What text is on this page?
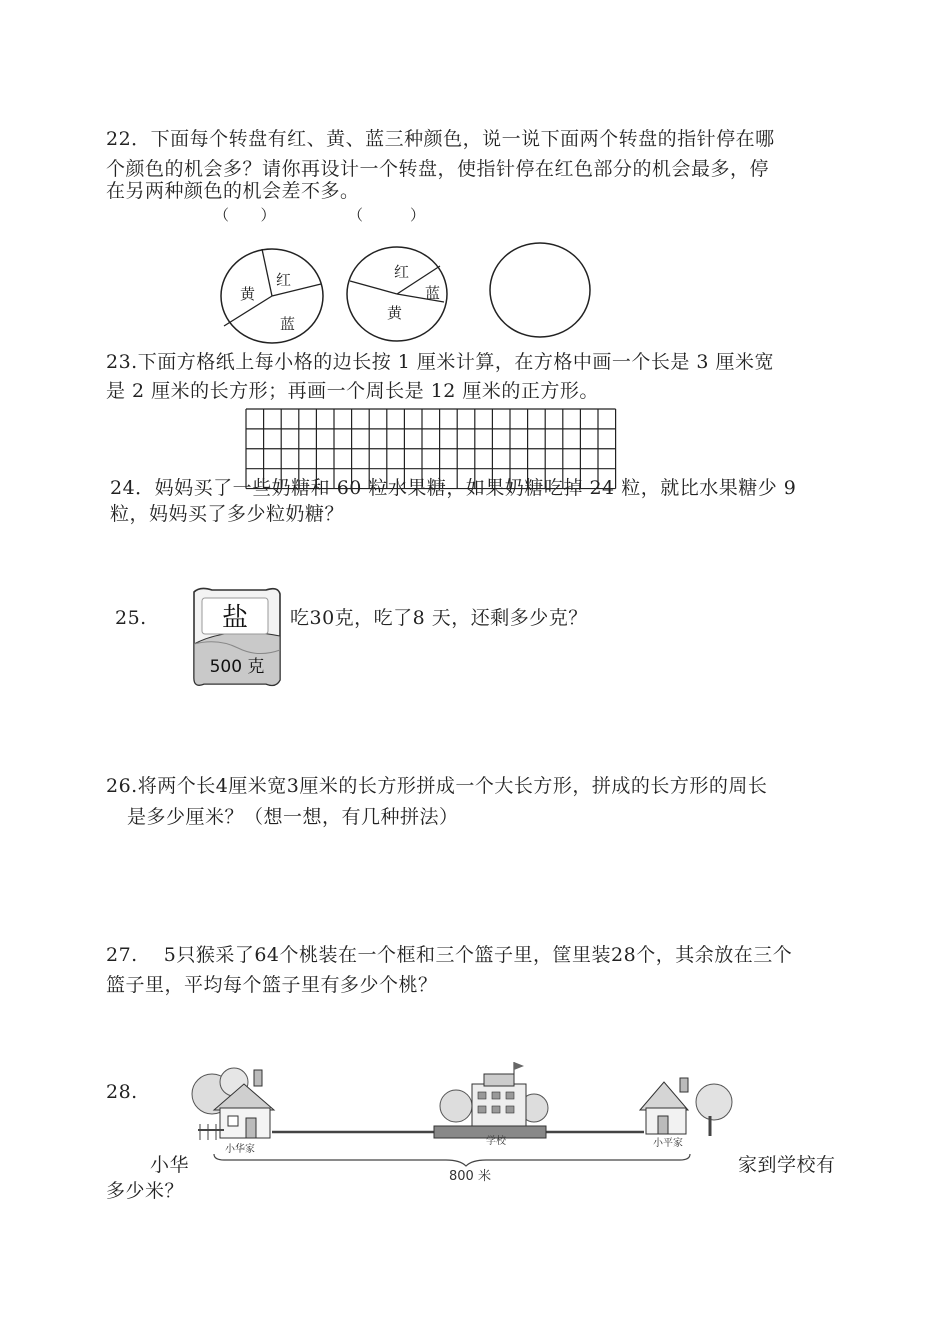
22．下面每个转盘有红、黄、蓝三种颜色，说一说下面两个转盘的指针停在哪
个颜色的机会多？请你再设计一个转盘，使指针停在红色部分的机会最多，停
在另两种颜色的机会差不多。
（　　）	（　　　）
黄
红
蓝
红
蓝
黄
23.下面方格纸上每小格的边长按 1 厘米计算，在方格中画一个长是 3 厘米宽
是 2 厘米的长方形；再画一个周长是 12 厘米的正方形。
24．妈妈买了一些奶糖和 60 粒水果糖，如果奶糖吃掉 24 粒，就比水果糖少 9
粒，妈妈买了多少粒奶糖？
25.	盐
500 克
吃30克，吃了8 天，还剩多少克？
26.将两个长4厘米宽3厘米的长方形拼成一个大长方形，拼成的长方形的周长
是多少厘米？（想一想，有几种拼法）
27.　 5只猴采了64个桃装在一个框和三个篮子里，筐里装28个，其余放在三个
篮子里，平均每个篮子里有多少个桃？
28.
小华	家到学校有
多少米？
小华家
学校	小平家
800 米
